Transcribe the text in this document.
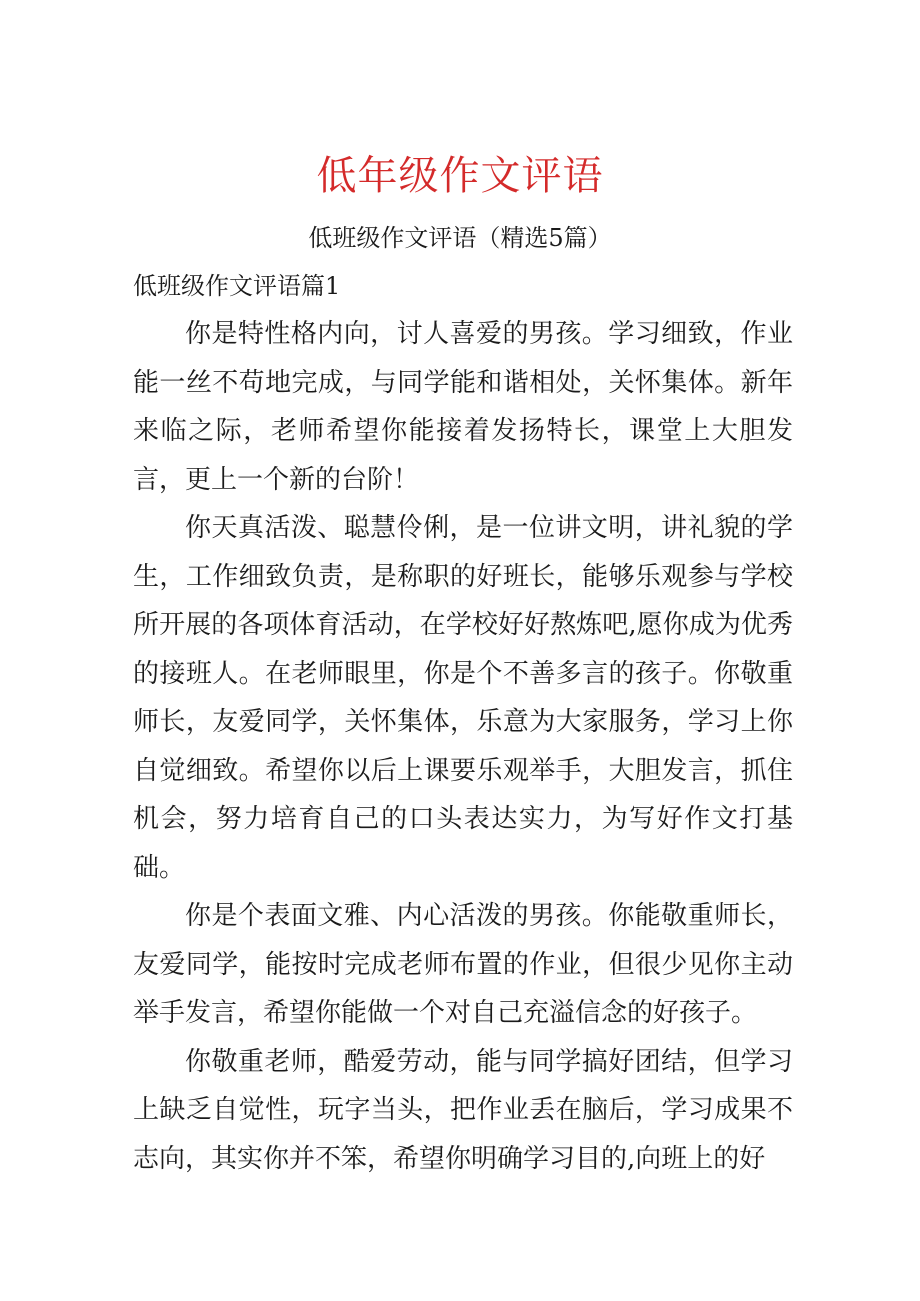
低年级作文评语
低班级作文评语（精选5篇）
低班级作文评语篇1

你是特性格内向，讨人喜爱的男孩。学习细致，作业能一丝不苟地完成，与同学能和谐相处，关怀集体。新年来临之际，老师希望你能接着发扬特长，课堂上大胆发言，更上一个新的台阶！

你天真活泼、聪慧伶俐，是一位讲文明，讲礼貌的学生，工作细致负责，是称职的好班长，能够乐观参与学校所开展的各项体育活动，在学校好好熬炼吧,愿你成为优秀的接班人。在老师眼里，你是个不善多言的孩子。你敬重师长，友爱同学，关怀集体，乐意为大家服务，学习上你自觉细致。希望你以后上课要乐观举手，大胆发言，抓住机会，努力培育自己的口头表达实力，为写好作文打基础。

你是个表面文雅、内心活泼的男孩。你能敬重师长，友爱同学，能按时完成老师布置的作业，但很少见你主动举手发言，希望你能做一个对自己充溢信念的好孩子。

你敬重老师，酷爱劳动，能与同学搞好团结，但学习上缺乏自觉性，玩字当头，把作业丢在脑后，学习成果不志向，其实你并不笨，希望你明确学习目的,向班上的好
